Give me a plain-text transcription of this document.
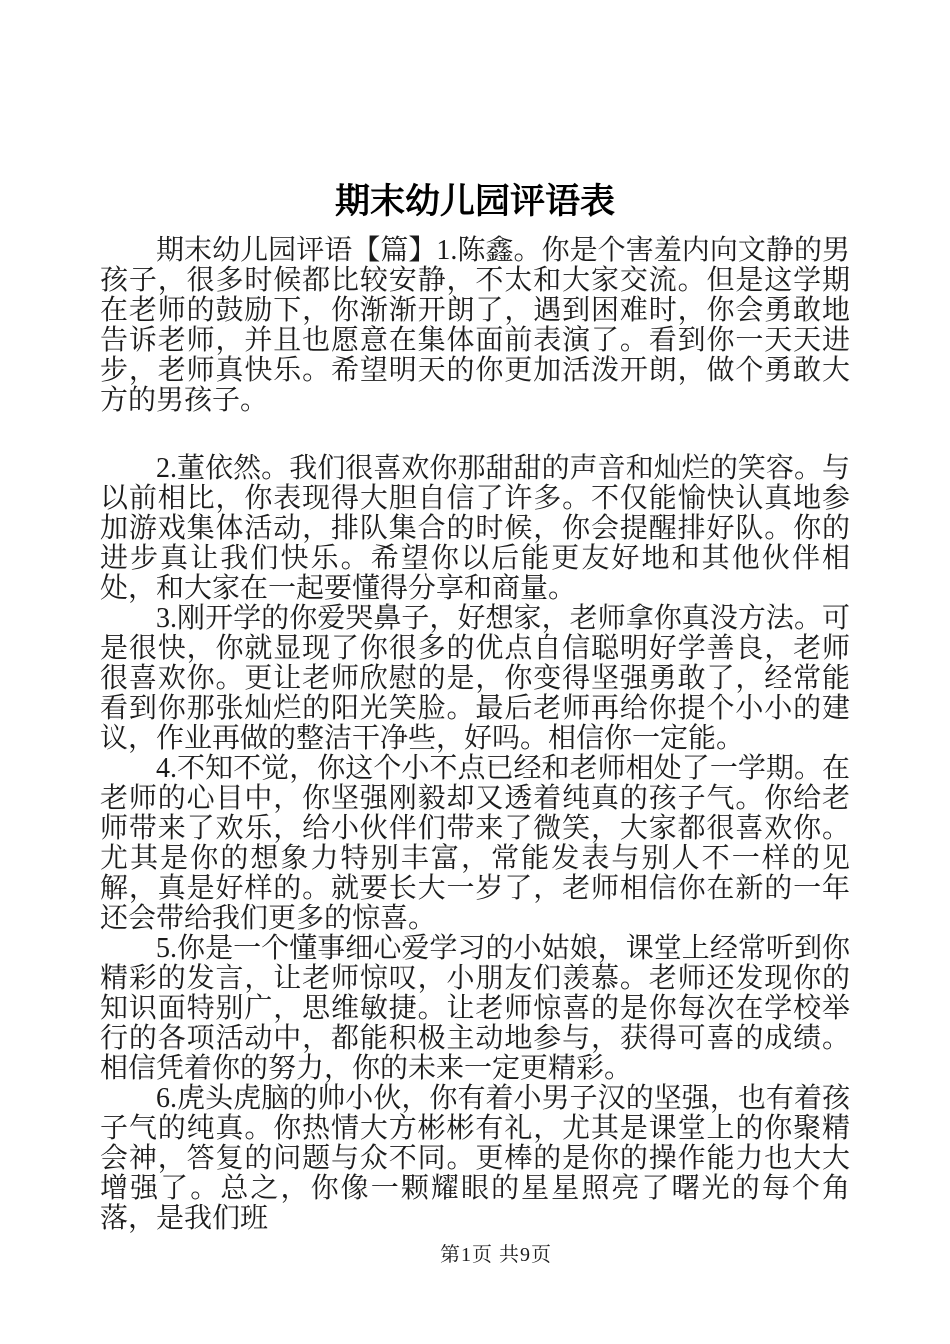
期末幼儿园评语表

期末幼儿园评语【篇】1.陈鑫。你是个害羞内向文静的男孩子，很多时候都比较安静，不太和大家交流。但是这学期在老师的鼓励下，你渐渐开朗了，遇到困难时，你会勇敢地告诉老师，并且也愿意在集体面前表演了。看到你一天天进步，老师真快乐。希望明天的你更加活泼开朗，做个勇敢大方的男孩子。

2.董依然。我们很喜欢你那甜甜的声音和灿烂的笑容。与以前相比，你表现得大胆自信了许多。不仅能愉快认真地参加游戏集体活动，排队集合的时候，你会提醒排好队。你的进步真让我们快乐。希望你以后能更友好地和其他伙伴相处，和大家在一起要懂得分享和商量。

3.刚开学的你爱哭鼻子，好想家，老师拿你真没方法。可是很快，你就显现了你很多的优点自信聪明好学善良，老师很喜欢你。更让老师欣慰的是，你变得坚强勇敢了，经常能看到你那张灿烂的阳光笑脸。最后老师再给你提个小小的建议，作业再做的整洁干净些，好吗。相信你一定能。

4.不知不觉，你这个小不点已经和老师相处了一学期。在老师的心目中，你坚强刚毅却又透着纯真的孩子气。你给老师带来了欢乐，给小伙伴们带来了微笑，大家都很喜欢你。尤其是你的想象力特别丰富，常能发表与别人不一样的见解，真是好样的。就要长大一岁了，老师相信你在新的一年还会带给我们更多的惊喜。

5.你是一个懂事细心爱学习的小姑娘，课堂上经常听到你精彩的发言，让老师惊叹，小朋友们羡慕。老师还发现你的知识面特别广，思维敏捷。让老师惊喜的是你每次在学校举行的各项活动中，都能积极主动地参与，获得可喜的成绩。相信凭着你的努力，你的未来一定更精彩。

6.虎头虎脑的帅小伙，你有着小男子汉的坚强，也有着孩子气的纯真。你热情大方彬彬有礼，尤其是课堂上的你聚精会神，答复的问题与众不同。更棒的是你的操作能力也大大增强了。总之，你像一颗耀眼的星星照亮了曙光的每个角落，是我们班

第1页 共9页
